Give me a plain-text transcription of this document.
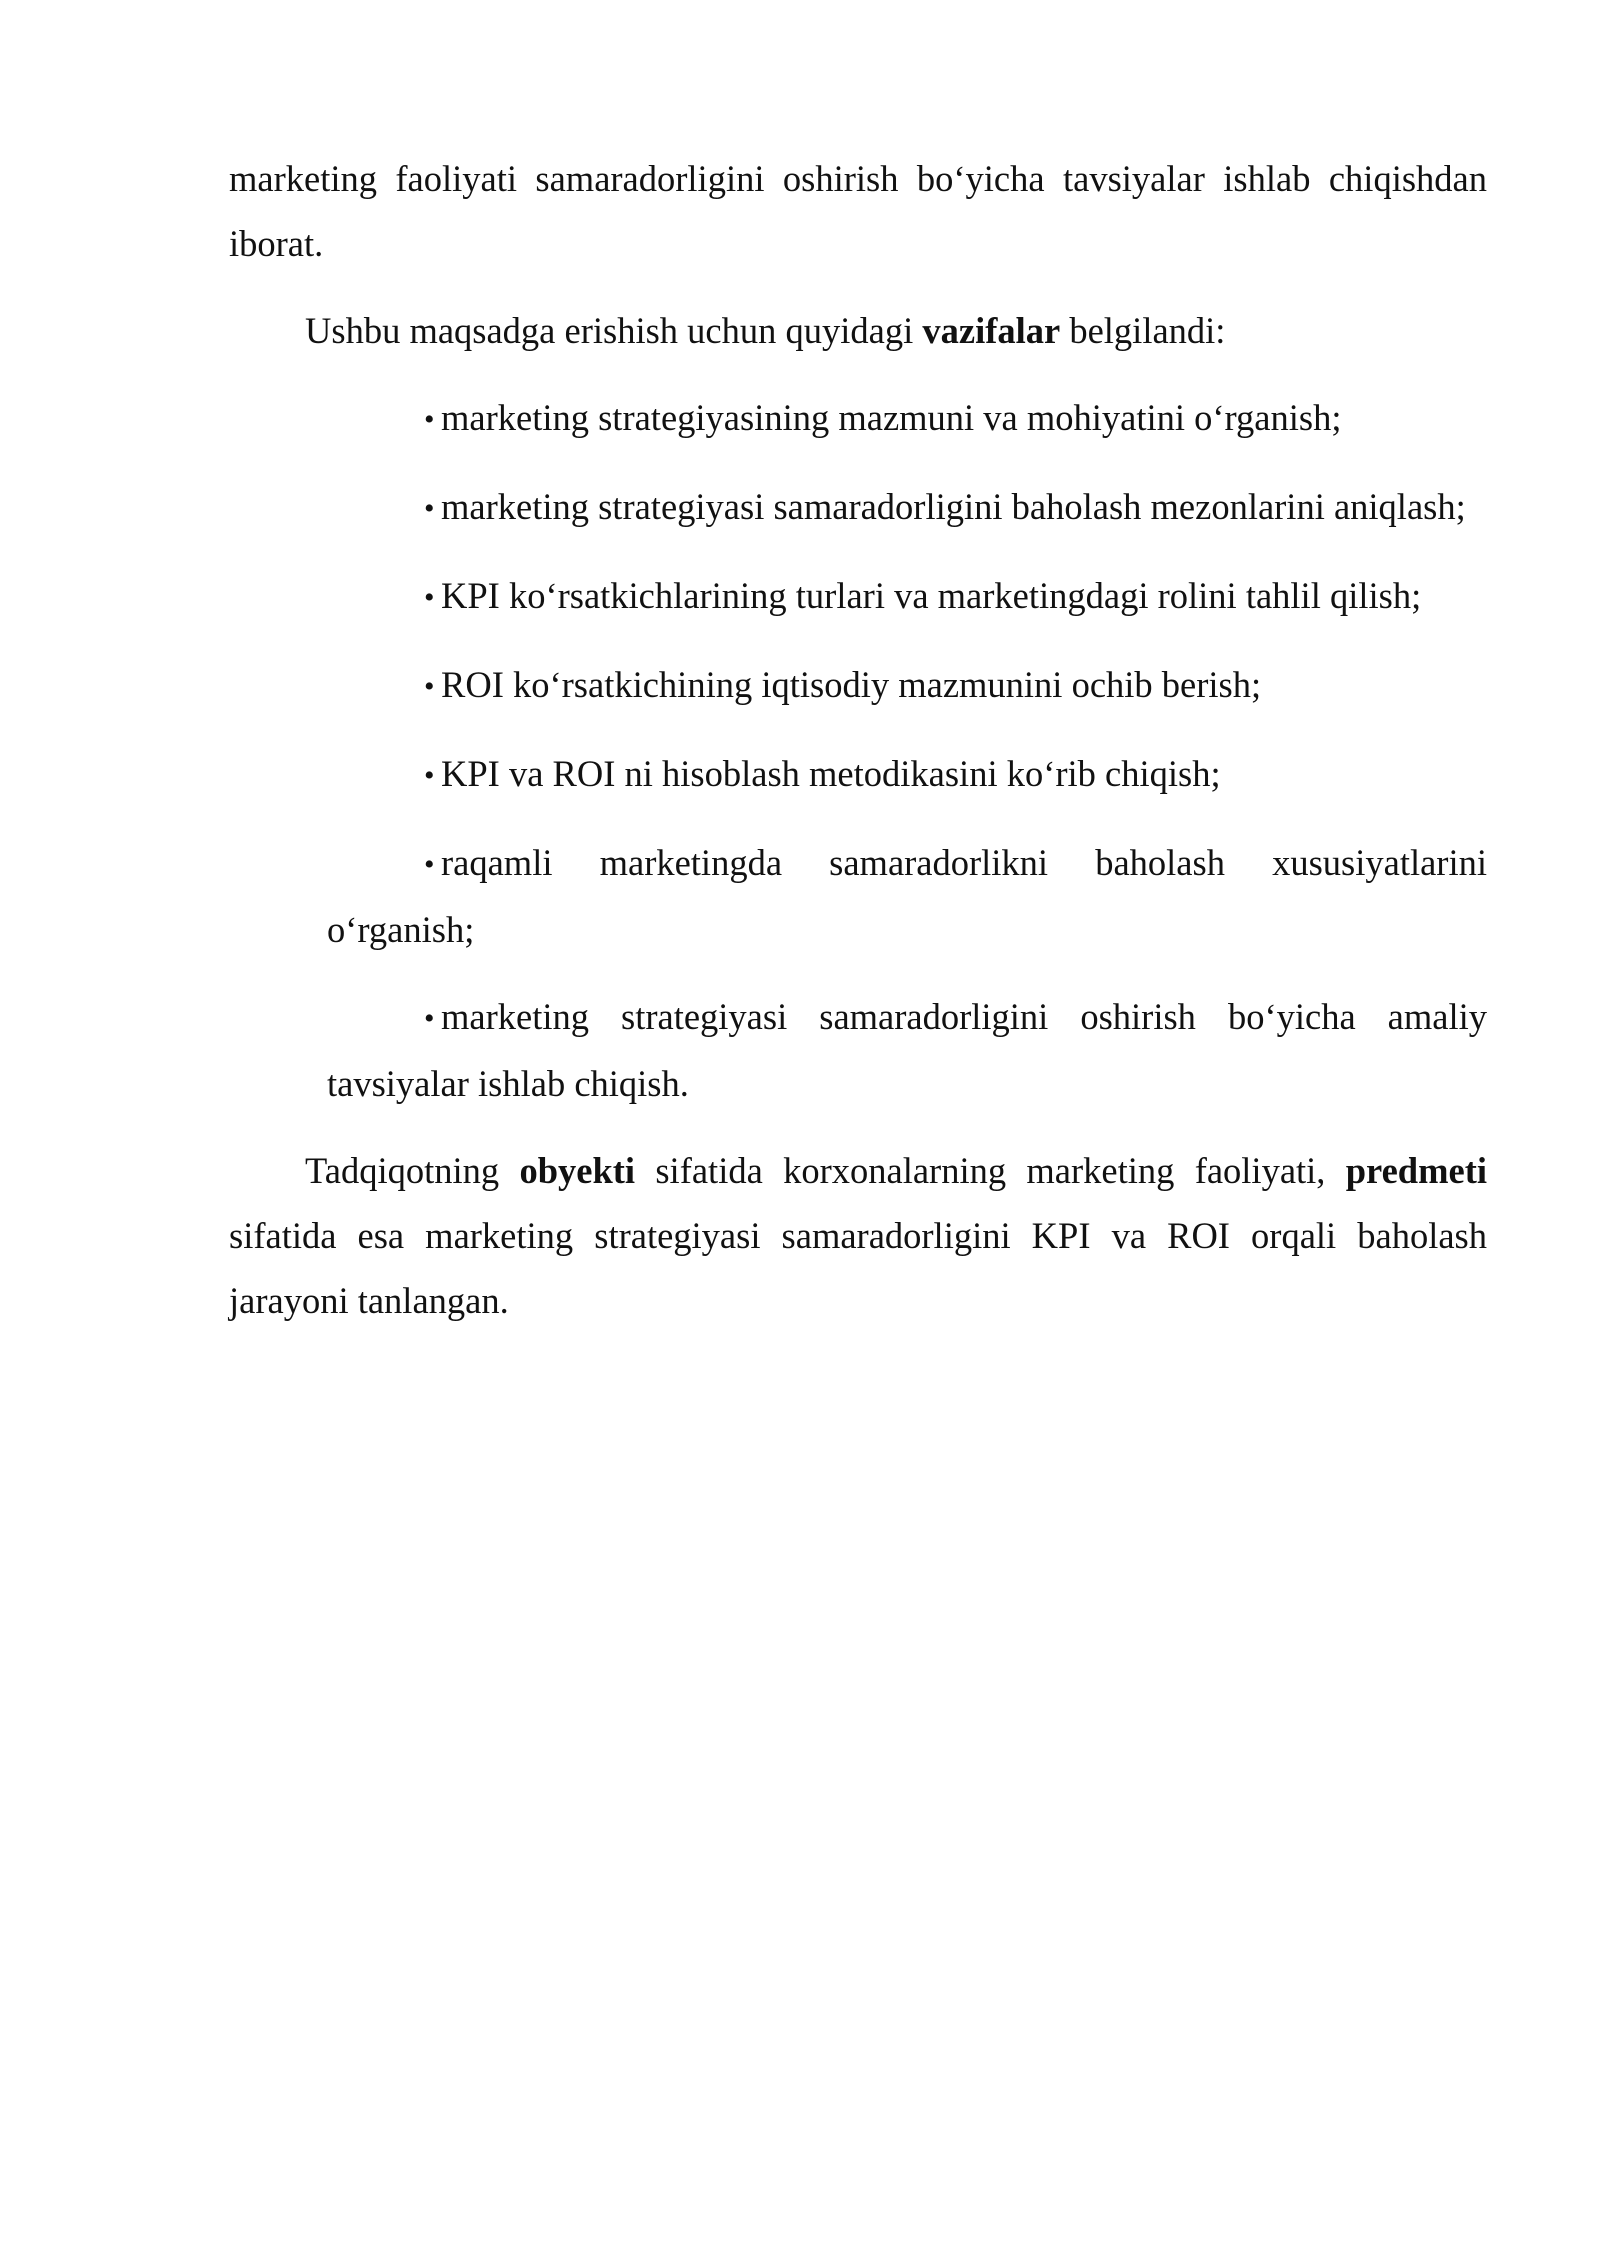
marketing faoliyati samaradorligini oshirish bo‘yicha tavsiyalar ishlab chiqishdan iborat.

Ushbu maqsadga erishish uchun quyidagi vazifalar belgilandi:

• marketing strategiyasining mazmuni va mohiyatini o‘rganish;
• marketing strategiyasi samaradorligini baholash mezonlarini aniqlash;
• KPI ko‘rsatkichlarining turlari va marketingdagi rolini tahlil qilish;
• ROI ko‘rsatkichining iqtisodiy mazmunini ochib berish;
• KPI va ROI ni hisoblash metodikasini ko‘rib chiqish;
• raqamli marketingda samaradorlikni baholash xususiyatlarini o‘rganish;
• marketing strategiyasi samaradorligini oshirish bo‘yicha amaliy tavsiyalar ishlab chiqish.

Tadqiqotning obyekti sifatida korxonalarning marketing faoliyati, predmeti sifatida esa marketing strategiyasi samaradorligini KPI va ROI orqali baholash jarayoni tanlangan.
